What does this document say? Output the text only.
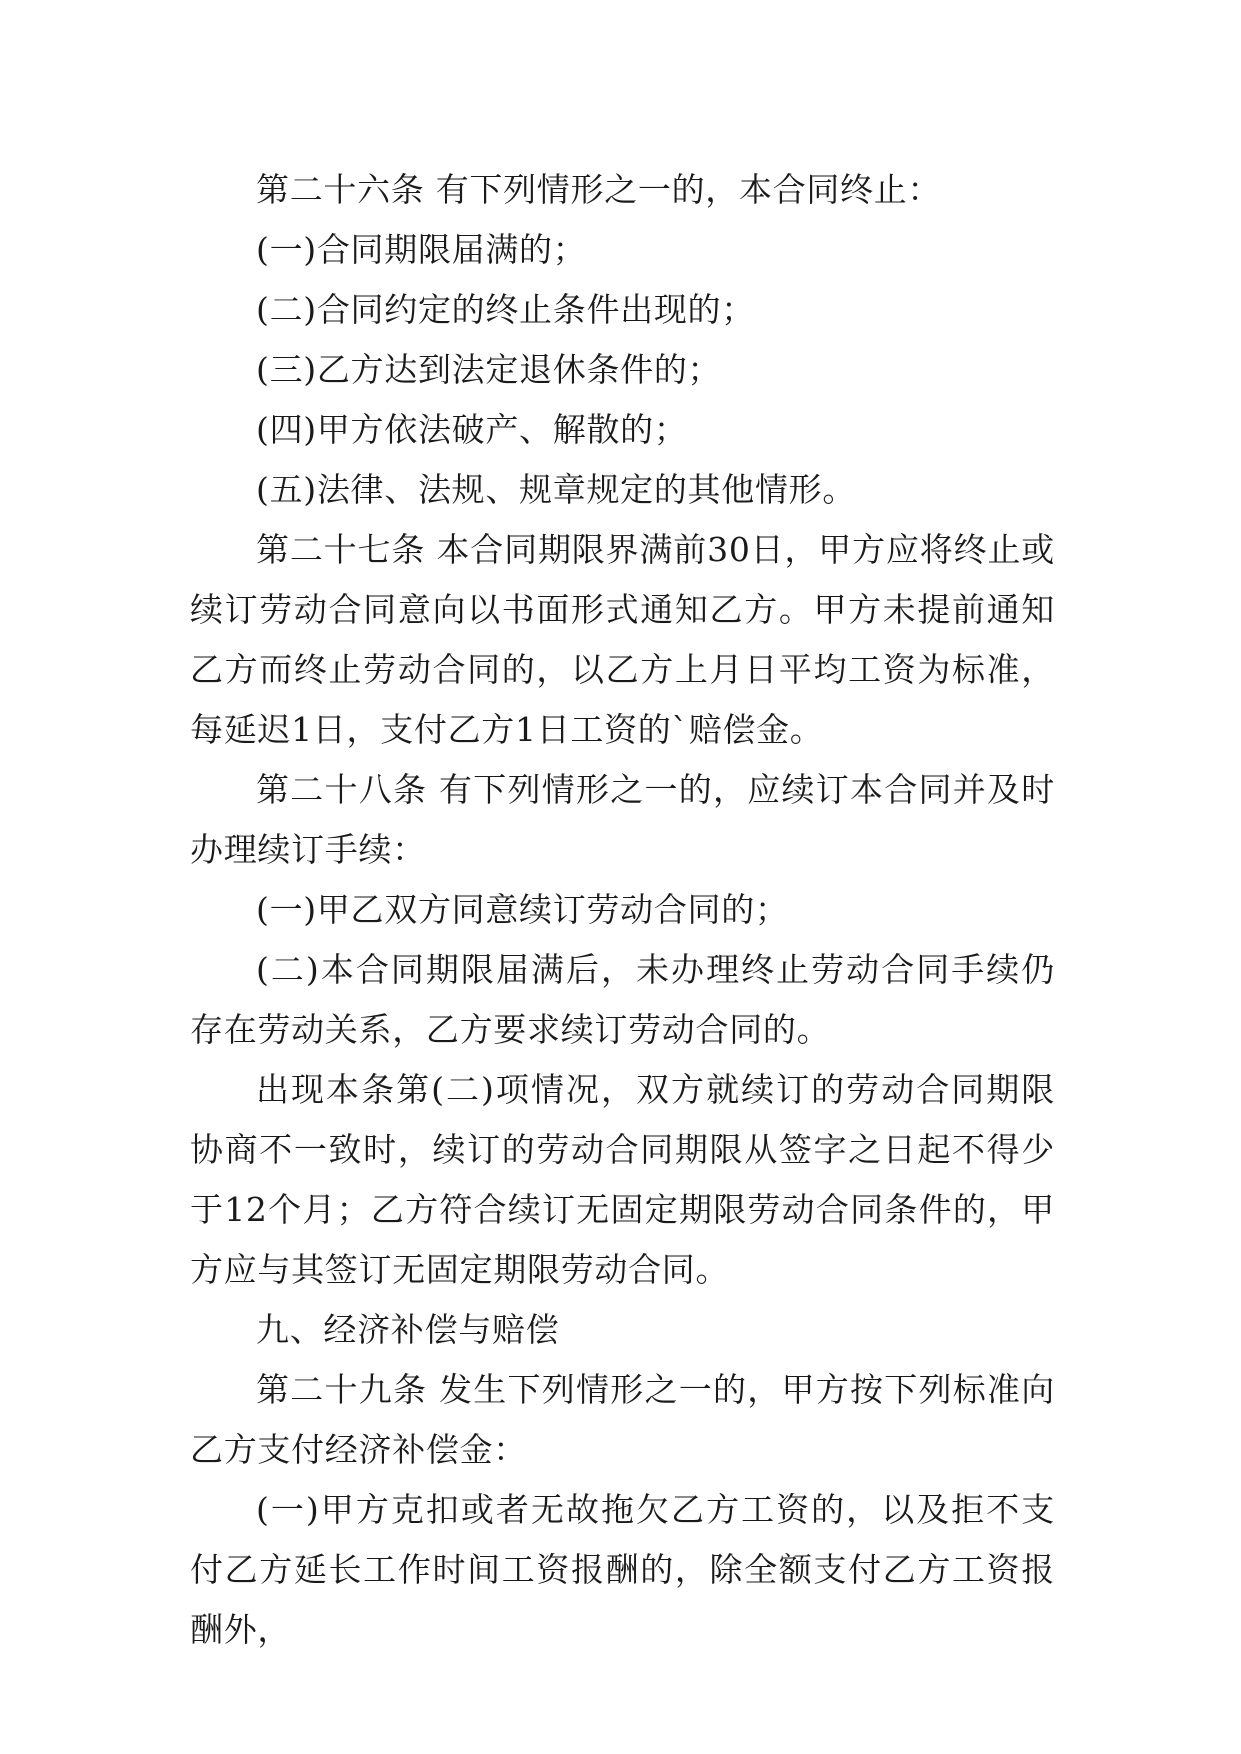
第二十六条 有下列情形之一的，本合同终止：

(一)合同期限届满的；

(二)合同约定的终止条件出现的；

(三)乙方达到法定退休条件的；

(四)甲方依法破产、解散的；

(五)法律、法规、规章规定的其他情形。

第二十七条 本合同期限界满前30日，甲方应将终止或续订劳动合同意向以书面形式通知乙方。甲方未提前通知乙方而终止劳动合同的，以乙方上月日平均工资为标准，每延迟1日，支付乙方1日工资的`赔偿金。

第二十八条 有下列情形之一的，应续订本合同并及时办理续订手续：

(一)甲乙双方同意续订劳动合同的；

(二)本合同期限届满后，未办理终止劳动合同手续仍存在劳动关系，乙方要求续订劳动合同的。

出现本条第(二)项情况，双方就续订的劳动合同期限协商不一致时，续订的劳动合同期限从签字之日起不得少于12个月；乙方符合续订无固定期限劳动合同条件的，甲方应与其签订无固定期限劳动合同。

九、经济补偿与赔偿

第二十九条 发生下列情形之一的，甲方按下列标准向乙方支付经济补偿金：

(一)甲方克扣或者无故拖欠乙方工资的，以及拒不支付乙方延长工作时间工资报酬的，除全额支付乙方工资报酬外，
